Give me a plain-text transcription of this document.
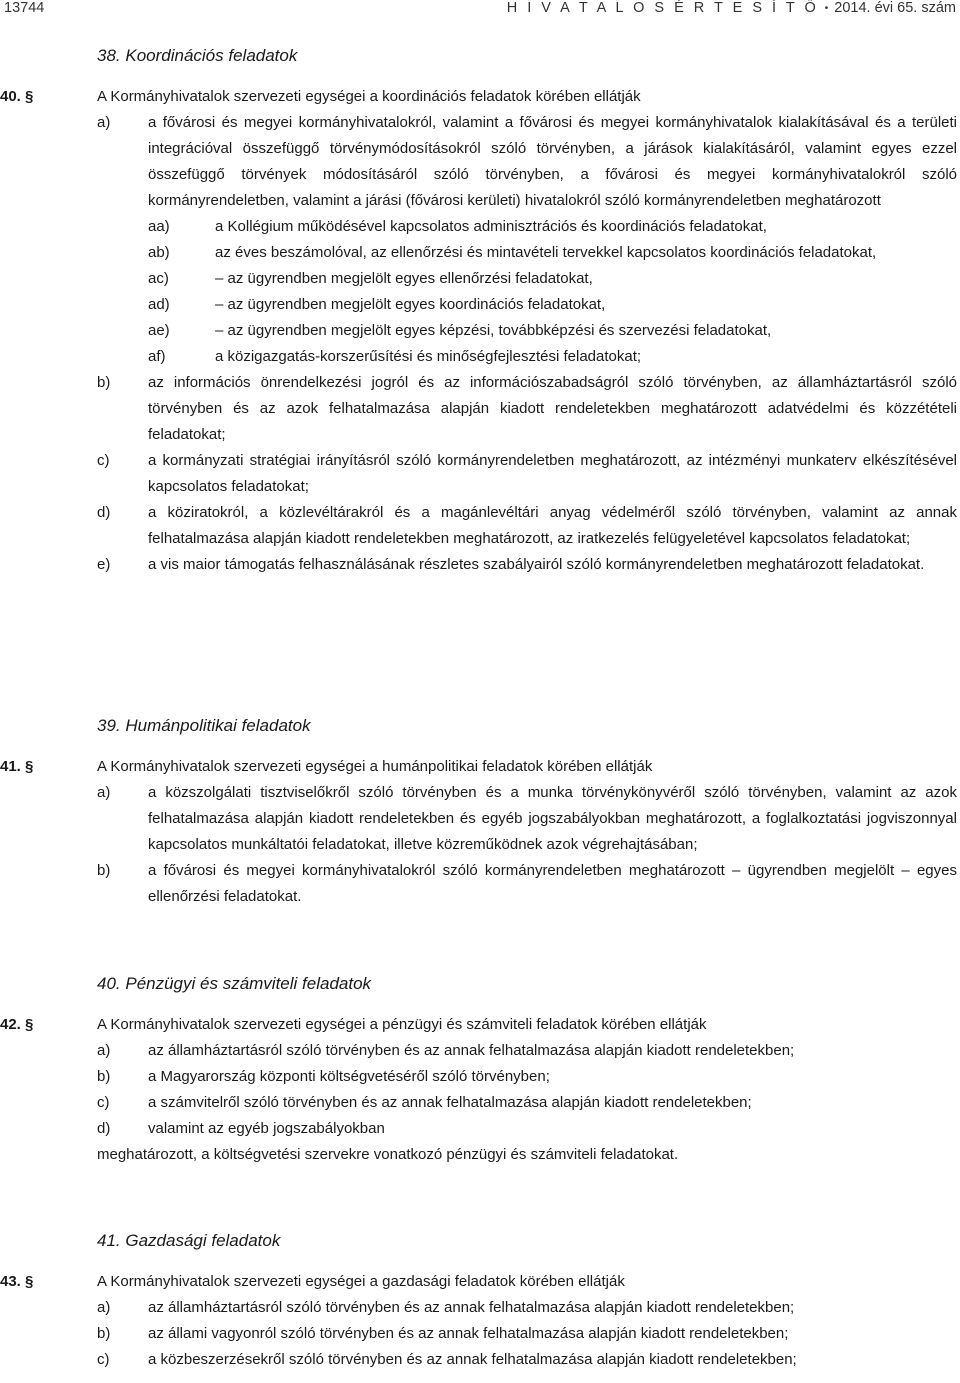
13744	H I V A T A L O S É R T E S Í T Ő • 2014. évi 65. szám
38. Koordinációs feladatok
40. §	A Kormányhivatalok szervezeti egységei a koordinációs feladatok körében ellátják
a)	a fővárosi és megyei kormányhivatalokról, valamint a fővárosi és megyei kormányhivatalok kialakításával és a területi integrációval összefüggő törvénymódosításokról szóló törvényben, a járások kialakításáról, valamint egyes ezzel összefüggő törvények módosításáról szóló törvényben, a fővárosi és megyei kormányhivatalokról szóló kormányrendeletben, valamint a járási (fővárosi kerületi) hivatalokról szóló kormányrendeletben meghatározott
aa)	a Kollégium működésével kapcsolatos adminisztrációs és koordinációs feladatokat,
ab)	az éves beszámolóval, az ellenőrzési és mintavételi tervekkel kapcsolatos koordinációs feladatokat,
ac)	– az ügyrendben megjelölt egyes ellenőrzési feladatokat,
ad)	– az ügyrendben megjelölt egyes koordinációs feladatokat,
ae)	– az ügyrendben megjelölt egyes képzési, továbbképzési és szervezési feladatokat,
af)	a közigazgatás-korszerűsítési és minőségfejlesztési feladatokat;
b)	az információs önrendelkezési jogról és az információszabadságról szóló törvényben, az államháztartásról szóló törvényben és az azok felhatalmazása alapján kiadott rendeletekben meghatározott adatvédelmi és közzétételi feladatokat;
c)	a kormányzati stratégiai irányításról szóló kormányrendeletben meghatározott, az intézményi munkaterv elkészítésével kapcsolatos feladatokat;
d)	a köziratokról, a közlevéltárakról és a magánlevéltári anyag védelméről szóló törvényben, valamint az annak felhatalmazása alapján kiadott rendeletekben meghatározott, az iratkezelés felügyeletével kapcsolatos feladatokat;
e)	a vis maior támogatás felhasználásának részletes szabályairól szóló kormányrendeletben meghatározott feladatokat.
39. Humánpolitikai feladatok
41. §	A Kormányhivatalok szervezeti egységei a humánpolitikai feladatok körében ellátják
a)	a közszolgálati tisztviselőkről szóló törvényben és a munka törvénykönyvéről szóló törvényben, valamint az azok felhatalmazása alapján kiadott rendeletekben és egyéb jogszabályokban meghatározott, a foglalkoztatási jogviszonnyal kapcsolatos munkáltatói feladatokat, illetve közreműködnek azok végrehajtásában;
b)	a fővárosi és megyei kormányhivatalokról szóló kormányrendeletben meghatározott – ügyrendben megjelölt – egyes ellenőrzési feladatokat.
40. Pénzügyi és számviteli feladatok
42. §	A Kormányhivatalok szervezeti egységei a pénzügyi és számviteli feladatok körében ellátják
a)	az államháztartásról szóló törvényben és az annak felhatalmazása alapján kiadott rendeletekben;
b)	a Magyarország központi költségvetéséről szóló törvényben;
c)	a számvitelről szóló törvényben és az annak felhatalmazása alapján kiadott rendeletekben;
d)	valamint az egyéb jogszabályokban
meghatározott, a költségvetési szervekre vonatkozó pénzügyi és számviteli feladatokat.
41. Gazdasági feladatok
43. §	A Kormányhivatalok szervezeti egységei a gazdasági feladatok körében ellátják
a)	az államháztartásról szóló törvényben és az annak felhatalmazása alapján kiadott rendeletekben;
b)	az állami vagyonról szóló törvényben és az annak felhatalmazása alapján kiadott rendeletekben;
c)	a közbeszerzésekről szóló törvényben és az annak felhatalmazása alapján kiadott rendeletekben;
